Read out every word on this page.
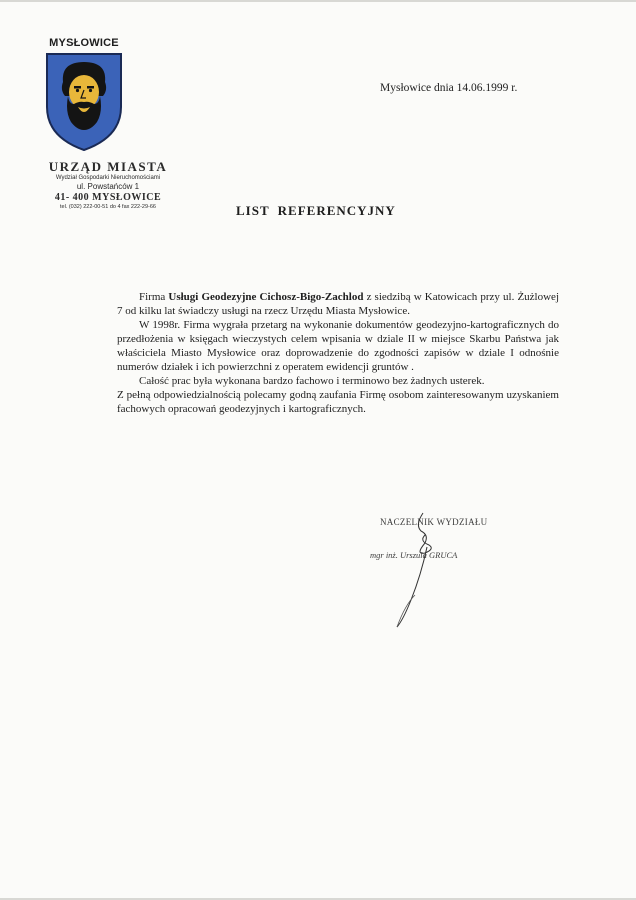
MYSŁOWICE
URZĄD MIASTA
Wydział Gospodarki Nieruchomościami
ul. Powstańców 1
41- 400 MYSŁOWICE
tel. (032) 222-00-51 do 4 fax 222-29-66
Mysłowice dnia 14.06.1999 r.
LIST REFERENCYJNY

Firma Usługi Geodezyjne Cichosz-Bigo-Zachlod z siedzibą w Katowicach przy ul. Żużlowej 7 od kilku lat świadczy usługi na rzecz Urzędu Miasta Mysłowice.

W 1998r. Firma wygrała przetarg na wykonanie dokumentów geodezyjno-kartograficznych do przedłożenia w księgach wieczystych celem wpisania w dziale II w miejsce Skarbu Państwa jak właściciela Miasto Mysłowice oraz doprowadzenie do zgodności zapisów w dziale I odnośnie numerów działek i ich powierzchni z operatem ewidencji gruntów .

Całość prac była wykonana bardzo fachowo i terminowo bez żadnych usterek.

Z pełną odpowiedzialnością polecamy godną zaufania Firmę osobom zainteresowanym uzyskaniem fachowych opracowań geodezyjnych i kartograficznych.

NACZELNIK WYDZIAŁU
mgr inż. Urszula GRUCA
